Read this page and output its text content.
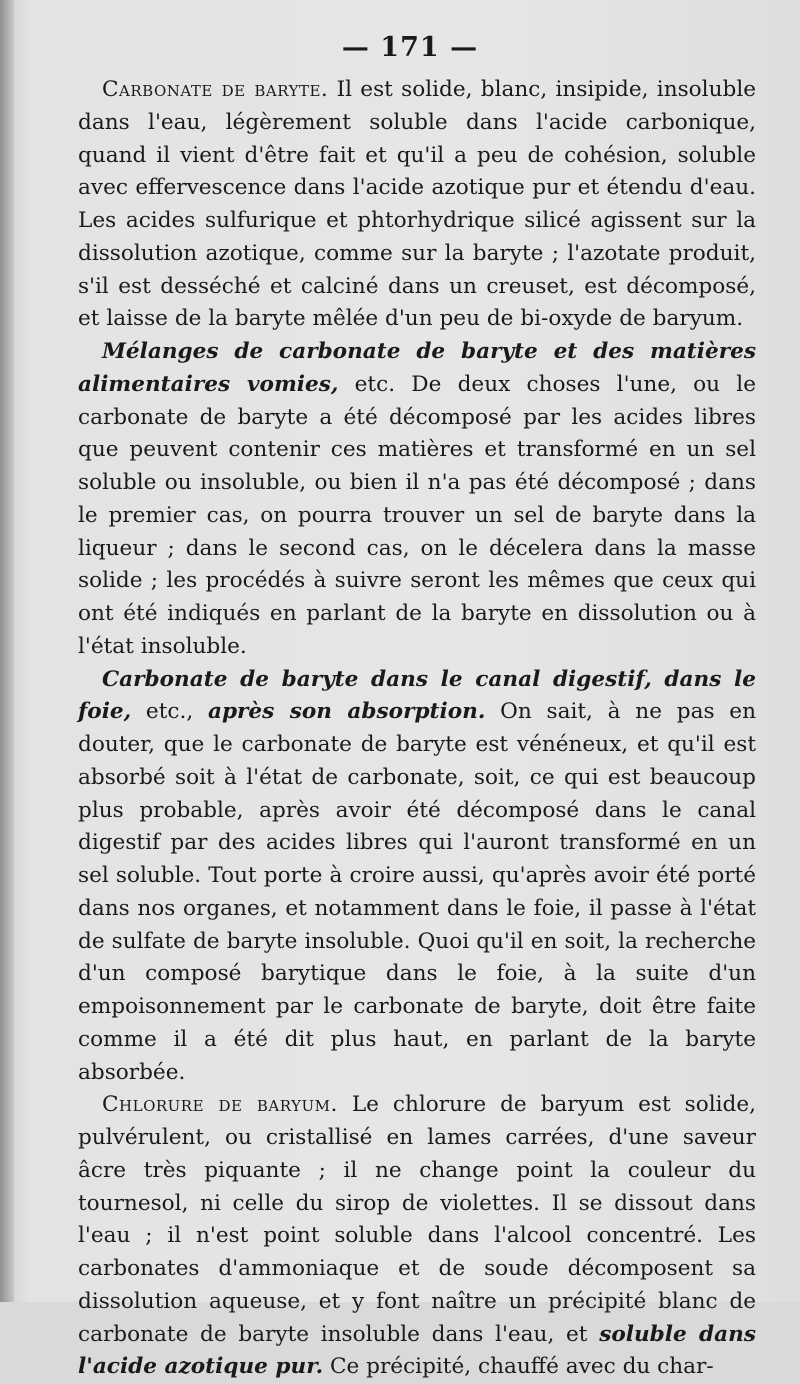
— 171 —

Carbonate de baryte. Il est solide, blanc, insipide, insoluble dans l'eau, légèrement soluble dans l'acide carbonique, quand il vient d'être fait et qu'il a peu de cohésion, soluble avec effervescence dans l'acide azotique pur et étendu d'eau. Les acides sulfurique et phtorhydrique silicé agissent sur la dissolution azotique, comme sur la baryte ; l'azotate produit, s'il est desséché et calciné dans un creuset, est décomposé, et laisse de la baryte mêlée d'un peu de bi-oxyde de baryum.

Mélanges de carbonate de baryte et des matières alimentaires vomies, etc. De deux choses l'une, ou le carbonate de baryte a été décomposé par les acides libres que peuvent contenir ces matières et transformé en un sel soluble ou insoluble, ou bien il n'a pas été décomposé ; dans le premier cas, on pourra trouver un sel de baryte dans la liqueur ; dans le second cas, on le décelera dans la masse solide ; les procédés à suivre seront les mêmes que ceux qui ont été indiqués en parlant de la baryte en dissolution ou à l'état insoluble.

Carbonate de baryte dans le canal digestif, dans le foie, etc., après son absorption. On sait, à ne pas en douter, que le carbonate de baryte est vénéneux, et qu'il est absorbé soit à l'état de carbonate, soit, ce qui est beaucoup plus probable, après avoir été décomposé dans le canal digestif par des acides libres qui l'auront transformé en un sel soluble. Tout porte à croire aussi, qu'après avoir été porté dans nos organes, et notamment dans le foie, il passe à l'état de sulfate de baryte insoluble. Quoi qu'il en soit, la recherche d'un composé barytique dans le foie, à la suite d'un empoisonnement par le carbonate de baryte, doit être faite comme il a été dit plus haut, en parlant de la baryte absorbée.

Chlorure de baryum. Le chlorure de baryum est solide, pulvérulent, ou cristallisé en lames carrées, d'une saveur âcre très piquante ; il ne change point la couleur du tournesol, ni celle du sirop de violettes. Il se dissout dans l'eau ; il n'est point soluble dans l'alcool concentré. Les carbonates d'ammoniaque et de soude décomposent sa dissolution aqueuse, et y font naître un précipité blanc de carbonate de baryte insoluble dans l'eau, et soluble dans l'acide azotique pur. Ce précipité, chauffé avec du char-
